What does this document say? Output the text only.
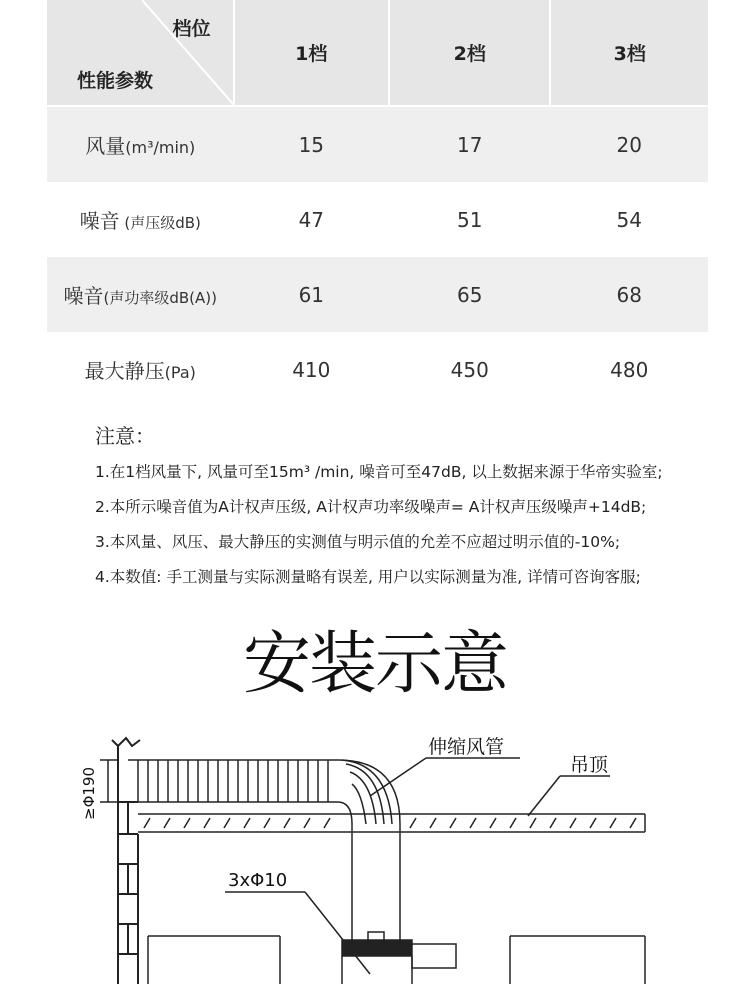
档位
性能参数	1档	2档	3档
风量(m³/min)	15	17	20
噪音 (声压级dB)	47	51	54
噪音(声功率级dB(A))	61	65	68
最大静压(Pa)	410	450	480
注意：
1.在1档风量下, 风量可至15m³ /min, 噪音可至47dB, 以上数据来源于华帝实验室;
2.本所示噪音值为A计权声压级, A计权声功率级噪声= A计权声压级噪声+14dB;
3.本风量、风压、最大静压的实测值与明示值的允差不应超过明示值的-10%;
4.本数值: 手工测量与实际测量略有误差, 用户以实际测量为准, 详情可咨询客服;
安装示意
≥Φ190
伸缩风管
吊顶
3xΦ10
